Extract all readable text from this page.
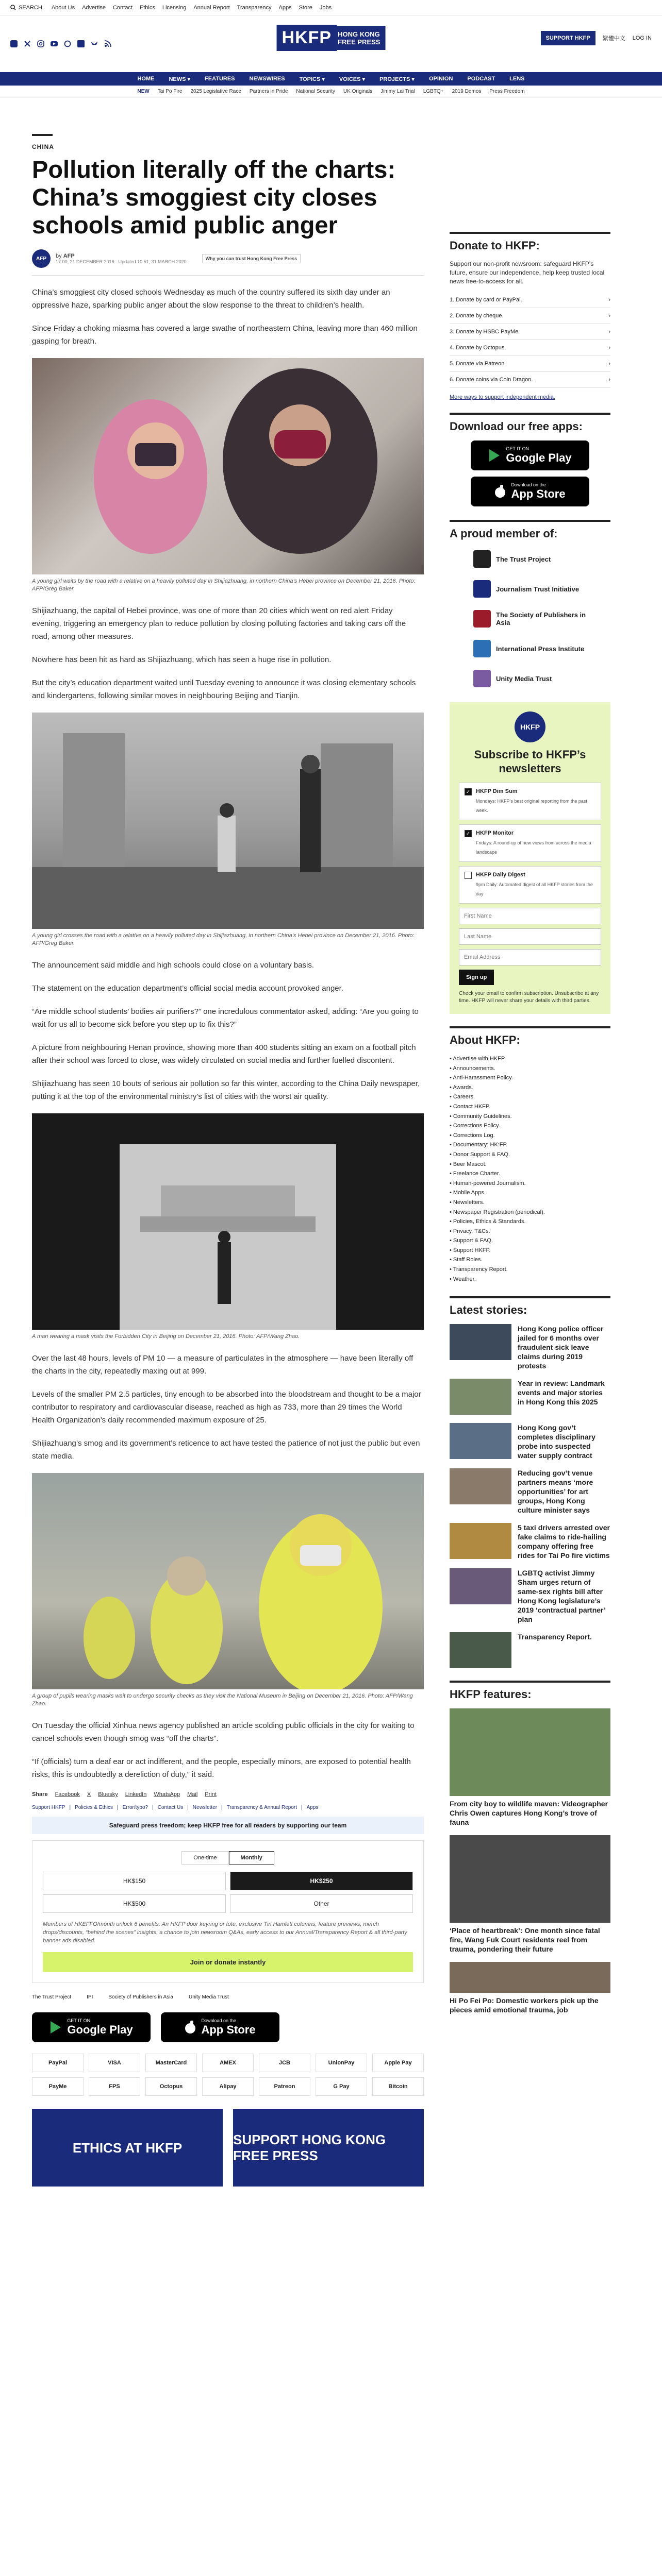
SEARCH About Us Advertise Contact Ethics Licensing Annual Report Transparency Apps Store Jobs
HKFP HONG KONG
FREE PRESS	SUPPORT HKFP	繁體中文 LOG IN
HOME	NEWS ▾	FEATURES	NEWSWIRES	TOPICS ▾	VOICES ▾	PROJECTS ▾	OPINION	PODCAST	LENS
NEW Tai Po Fire 2025 Legislative Race Partners in Pride National Security UK Originals Jimmy Lai Trial LGBTQ+ 2019 Demos Press Freedom
CHINA
Pollution literally off the charts: China’s smoggiest city closes schools amid public anger
AFP	by AFP
17:00, 21 DECEMBER 2016 · Updated 10:51, 31 MARCH 2020
Why you can trust Hong Kong Free Press

China’s smoggiest city closed schools Wednesday as much of the country suffered its sixth day under an oppressive haze, sparking public anger about the slow response to the threat to children’s health.

Since Friday a choking miasma has covered a large swathe of northeastern China, leaving more than 460 million gasping for breath.

A young girl waits by the road with a relative on a heavily polluted day in Shijiazhuang, in northern China’s Hebei province on December 21, 2016. Photo: AFP/Greg Baker.

Shijiazhuang, the capital of Hebei province, was one of more than 20 cities which went on red alert Friday evening, triggering an emergency plan to reduce pollution by closing polluting factories and taking cars off the road, among other measures.

Nowhere has been hit as hard as Shijiazhuang, which has seen a huge rise in pollution.

But the city’s education department waited until Tuesday evening to announce it was closing elementary schools and kindergartens, following similar moves in neighbouring Beijing and Tianjin.

A young girl crosses the road with a relative on a heavily polluted day in Shijiazhuang, in northern China’s Hebei province on December 21, 2016. Photo: AFP/Greg Baker.

The announcement said middle and high schools could close on a voluntary basis.

The statement on the education department’s official social media account provoked anger.

“Are middle school students’ bodies air purifiers?” one incredulous commentator asked, adding: “Are you going to wait for us all to become sick before you step up to fix this?”

A picture from neighbouring Henan province, showing more than 400 students sitting an exam on a football pitch after their school was forced to close, was widely circulated on social media and further fuelled discontent.

Shijiazhuang has seen 10 bouts of serious air pollution so far this winter, according to the China Daily newspaper, putting it at the top of the environmental ministry’s list of cities with the worst air quality.

A man wearing a mask visits the Forbidden City in Beijing on December 21, 2016. Photo: AFP/Wang Zhao.

Over the last 48 hours, levels of PM 10 — a measure of particulates in the atmosphere — have been literally off the charts in the city, repeatedly maxing out at 999.

Levels of the smaller PM 2.5 particles, tiny enough to be absorbed into the bloodstream and thought to be a major contributor to respiratory and cardiovascular disease, reached as high as 733, more than 29 times the World Health Organization’s daily recommended maximum exposure of 25.

Shijiazhuang’s smog and its government’s reticence to act have tested the patience of not just the public but even state media.

A group of pupils wearing masks wait to undergo security checks as they visit the National Museum in Beijing on December 21, 2016. Photo: AFP/Wang Zhao.

On Tuesday the official Xinhua news agency published an article scolding public officials in the city for waiting to cancel schools even though smog was “off the charts”.

“If (officials) turn a deaf ear or act indifferent, and the people, especially minors, are exposed to potential health risks, this is undoubtedly a dereliction of duty,” it said.

Share Facebook X Bluesky LinkedIn WhatsApp Mail Print
Support HKFP | Policies & Ethics | Error/typo? | Contact Us | Newsletter | Transparency & Annual Report | Apps
Safeguard press freedom; keep HKFP free for all readers by supporting our team
One-time	Monthly
HK$150	HK$250
HK$500	Other
Members of HKEFFO/month unlock 6 benefits: An HKFP door keyring or tote, exclusive Tin Hamlett columns, feature previews, merch drops/discounts, “behind the scenes” insights, a chance to join newsroom Q&As, early access to our Annual/Transparency Report & all third-party banner ads disabled.
Join or donate instantly
The Trust Project	IPI	Society of Publishers in Asia	Unity Media Trust
GET IT ON
Google Play
Download on the
App Store
PayPal	VISA	MasterCard	AMEX	JCB	UnionPay	Apple Pay
PayMe	FPS	Octopus	Alipay	Patreon	G Pay	Bitcoin
ETHICS AT HKFP
SUPPORT HONG KONG FREE PRESS
Donate to HKFP:
Support our non-profit newsroom: safeguard HKFP’s future, ensure our independence, help keep trusted local news free-to-access for all.
1. Donate by card or PayPal.	›
2. Donate by cheque.	›
3. Donate by HSBC PayMe.	›
4. Donate by Octopus.	›
5. Donate via Patreon.	›
6. Donate coins via Coin Dragon.	›
More ways to support independent media.
Download our free apps:
GET IT ON
Google Play
Download on the
App Store
A proud member of:
The Trust Project
Journalism Trust Initiative
The Society of Publishers in Asia
International Press Institute
Unity Media Trust
HKFP
Subscribe to HKFP’s newsletters
✓ HKFP Dim Sum
Mondays: HKFP’s best original reporting from the past week.
✓ HKFP Monitor
Fridays: A round-up of new views from across the media landscape
HKFP Daily Digest
9pm Daily: Automated digest of all HKFP stories from the day
First Name Last Name Email Address Sign up
Check your email to confirm subscription. Unsubscribe at any time. HKFP will never share your details with third parties.
About HKFP:
• Advertise with HKFP.
• Announcements.
• Anti-Harassment Policy.
• Awards.
• Careers.
• Contact HKFP.
• Community Guidelines.
• Corrections Policy.
• Corrections Log.
• Documentary: HK:FP.
• Donor Support & FAQ.
• Beer Mascot.
• Freelance Charter.
• Human-powered Journalism.
• Mobile Apps.
• Newsletters.
• Newspaper Registration (periodical).
• Policies, Ethics & Standards.
• Privacy, T&Cs.
• Support & FAQ.
• Support HKFP.
• Staff Roles.
• Transparency Report.
• Weather.
Latest stories:
Hong Kong police officer jailed for 6 months over fraudulent sick leave claims during 2019 protests
Year in review: Landmark events and major stories in Hong Kong this 2025
Hong Kong gov’t completes disciplinary probe into suspected water supply contract
Reducing gov’t venue partners means ‘more opportunities’ for art groups, Hong Kong culture minister says
5 taxi drivers arrested over fake claims to ride-hailing company offering free rides for Tai Po fire victims
LGBTQ activist Jimmy Sham urges return of same-sex rights bill after Hong Kong legislature’s 2019 ‘contractual partner’ plan
Transparency Report.
HKFP features:
From city boy to wildlife maven: Videographer Chris Owen captures Hong Kong’s trove of fauna
‘Place of heartbreak’: One month since fatal fire, Wang Fuk Court residents reel from trauma, pondering their future
Hi Po Fei Po: Domestic workers pick up the pieces amid emotional trauma, job
